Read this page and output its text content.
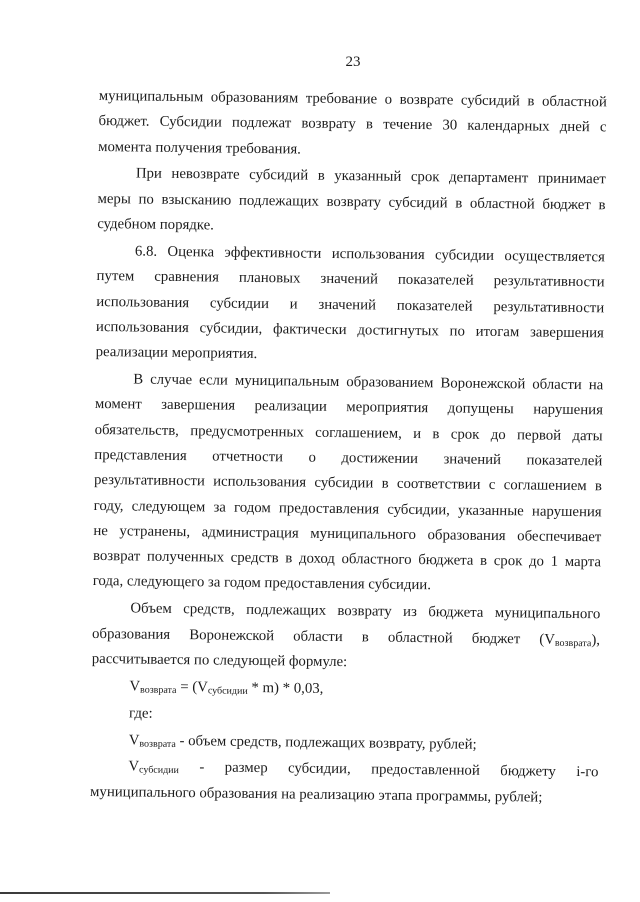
23
муниципальным образованиям требование о возврате субсидий в областной
бюджет. Субсидии подлежат возврату в течение 30 календарных дней с
момента получения требования.
При невозврате субсидий в указанный срок департамент принимает
меры по взысканию подлежащих возврату субсидий в областной бюджет в
судебном порядке.
6.8. Оценка эффективности использования субсидии осуществляется
путем сравнения плановых значений показателей результативности
использования субсидии и значений показателей результативности
использования субсидии, фактически достигнутых по итогам завершения
реализации мероприятия.
В случае если муниципальным образованием Воронежской области на
момент завершения реализации мероприятия допущены нарушения
обязательств, предусмотренных соглашением, и в срок до первой даты
представления отчетности о достижении значений показателей
результативности использования субсидии в соответствии с соглашением в
году, следующем за годом предоставления субсидии, указанные нарушения
не устранены, администрация муниципального образования обеспечивает
возврат полученных средств в доход областного бюджета в срок до 1 марта
года, следующего за годом предоставления субсидии.
Объем средств, подлежащих возврату из бюджета муниципального
образования Воронежской области в областной бюджет $(V_{возврата})$,
рассчитывается по следующей формуле:
$V_{возврата} = (V_{субсидии} * m) * 0,03$,
где:
$V_{возврата}$ - объем средств, подлежащих возврату, рублей;
$V_{субсидии}$ - размер субсидии, предоставленной бюджету i-го
муниципального образования на реализацию этапа программы, рублей;
